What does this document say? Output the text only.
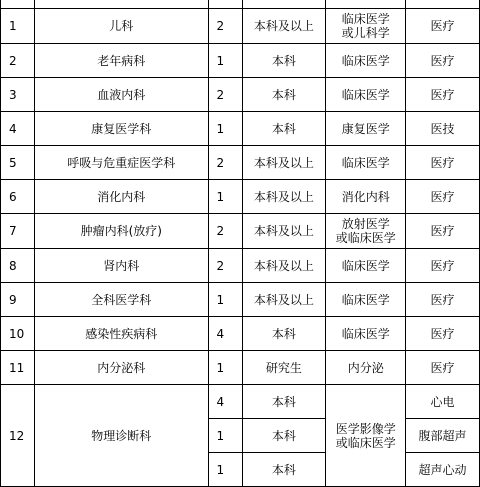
1	儿科	2	本科及以上	临床医学
或儿科学	医疗
2	老年病科	1	本科	临床医学	医疗
3	血液内科	2	本科	临床医学	医疗
4	康复医学科	1	本科	康复医学	医技
5	呼吸与危重症医学科	2	本科及以上	临床医学	医疗
6	消化内科	1	本科及以上	消化内科	医疗
7	肿瘤内科(放疗)	2	本科及以上	放射医学
或临床医学	医疗
8	肾内科	2	本科及以上	临床医学	医疗
9	全科医学科	1	本科及以上	临床医学	医疗
10	感染性疾病科	4	本科	临床医学	医疗
11	内分泌科	1	研究生	内分泌	医疗
12	物理诊断科	4	本科	医学影像学
或临床医学	心电
		1	本科		腹部超声
		1	本科		超声心动
